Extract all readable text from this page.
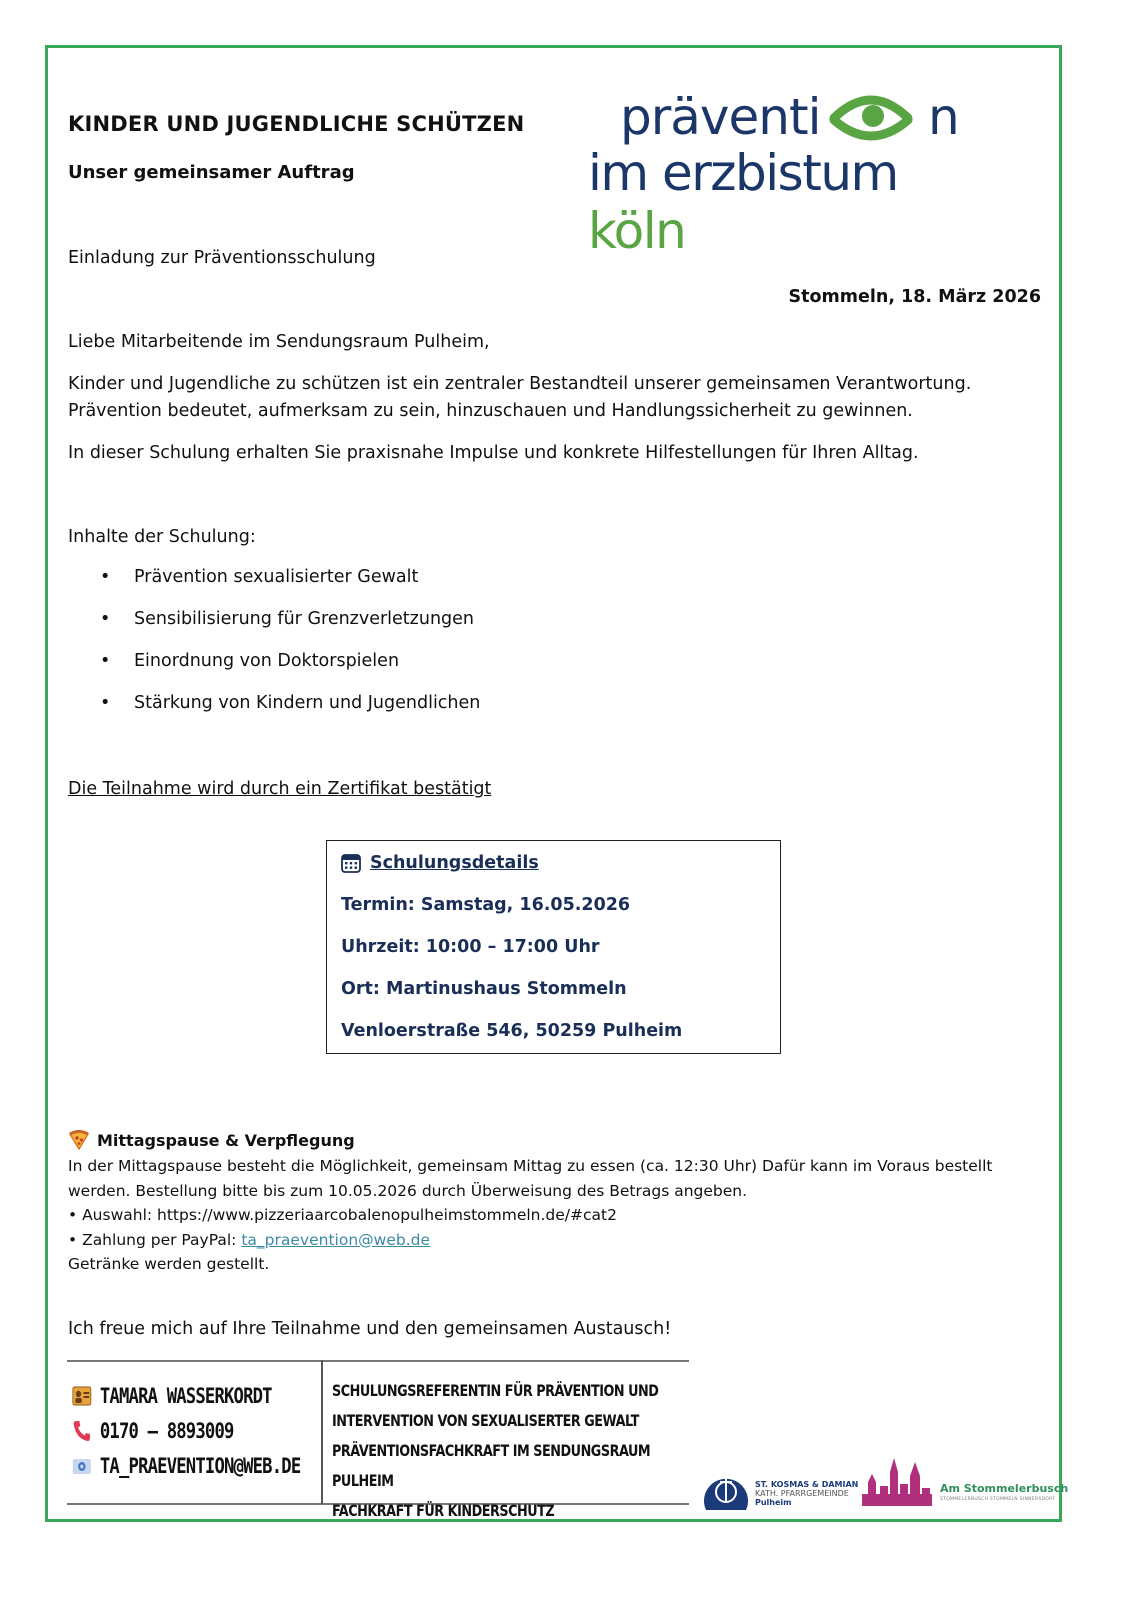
KINDER UND JUGENDLICHE SCHÜTZEN
Unser gemeinsamer Auftrag
präventi n
im erzbistum köln
Einladung zur Präventionsschulung
Stommeln, 18. März 2026
Liebe Mitarbeitende im Sendungsraum Pulheim,
Kinder und Jugendliche zu schützen ist ein zentraler Bestandteil unserer gemeinsamen Verantwortung. Prävention bedeutet, aufmerksam zu sein, hinzuschauen und Handlungssicherheit zu gewinnen.
In dieser Schulung erhalten Sie praxisnahe Impulse und konkrete Hilfestellungen für Ihren Alltag.
Inhalte der Schulung:
• Prävention sexualisierter Gewalt
• Sensibilisierung für Grenzverletzungen
• Einordnung von Doktorspielen
• Stärkung von Kindern und Jugendlichen
Die Teilnahme wird durch ein Zertifikat bestätigt
Schulungsdetails
Termin: Samstag, 16.05.2026
Uhrzeit: 10:00 – 17:00 Uhr
Ort: Martinushaus Stommeln
Venloerstraße 546, 50259 Pulheim
Mittagspause & Verpflegung
In der Mittagspause besteht die Möglichkeit, gemeinsam Mittag zu essen (ca. 12:30 Uhr) Dafür kann im Voraus bestellt werden. Bestellung bitte bis zum 10.05.2026 durch Überweisung des Betrags angeben.
• Auswahl: https://www.pizzeriaarcobalenopulheimstommeln.de/#cat2
• Zahlung per PayPal: ta_praevention@web.de
Getränke werden gestellt.
Ich freue mich auf Ihre Teilnahme und den gemeinsamen Austausch!
TAMARA WASSERKORDT
0170 – 8893009
TA_PRAEVENTION@WEB.DE
SCHULUNGSREFERENTIN FÜR PRÄVENTION UND
INTERVENTION VON SEXUALISERTER GEWALT
PRÄVENTIONSFACHKRAFT IM SENDUNGSRAUM PULHEIM
FACHKRAFT FÜR KINDERSCHUTZ
ST. KOSMAS & DAMIAN
KATH. PFARRGEMEINDE
Pulheim
Am Stommelerbusch
STOMMELERBUSCH STOMMELN SINNERSDORF
